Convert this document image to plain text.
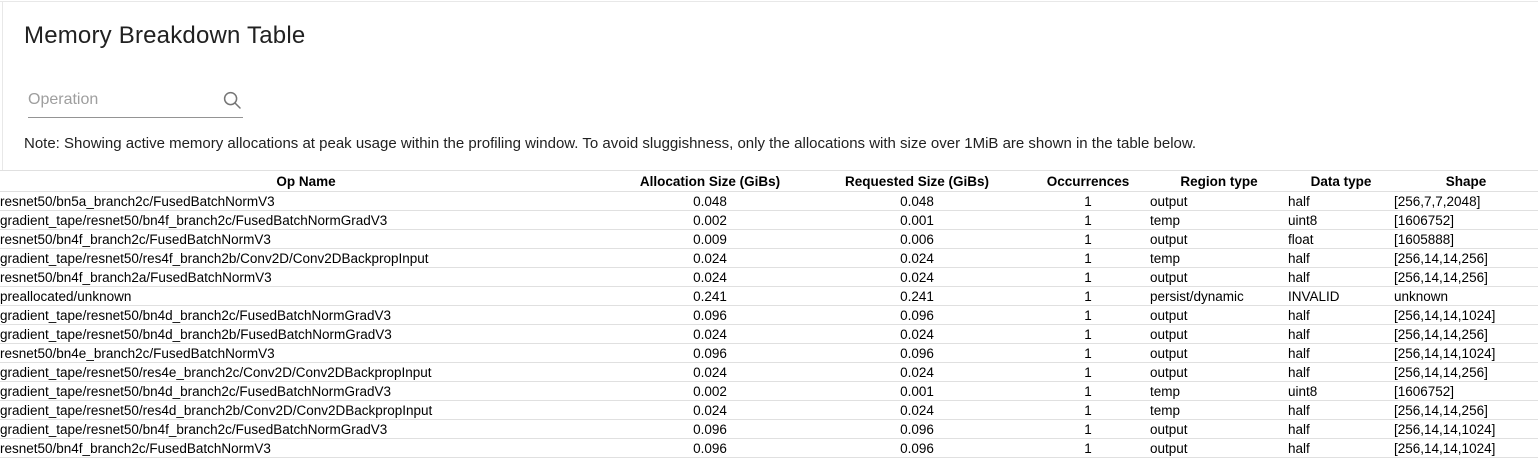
Memory Breakdown Table
Operation

Note: Showing active memory allocations at peak usage within the profiling window. To avoid sluggishness, only the allocations with size over 1MiB are shown in the table below.

Op Name	Allocation Size (GiBs)	Requested Size (GiBs)	Occurrences	Region type	Data type	Shape
resnet50/bn5a_branch2c/FusedBatchNormV3	0.048	0.048	1	output	half	[256,7,7,2048]
gradient_tape/resnet50/bn4f_branch2c/FusedBatchNormGradV3	0.002	0.001	1	temp	uint8	[1606752]
resnet50/bn4f_branch2c/FusedBatchNormV3	0.009	0.006	1	output	float	[1605888]
gradient_tape/resnet50/res4f_branch2b/Conv2D/Conv2DBackpropInput	0.024	0.024	1	temp	half	[256,14,14,256]
resnet50/bn4f_branch2a/FusedBatchNormV3	0.024	0.024	1	output	half	[256,14,14,256]
preallocated/unknown	0.241	0.241	1	persist/dynamic	INVALID	unknown
gradient_tape/resnet50/bn4d_branch2c/FusedBatchNormGradV3	0.096	0.096	1	output	half	[256,14,14,1024]
gradient_tape/resnet50/bn4d_branch2b/FusedBatchNormGradV3	0.024	0.024	1	output	half	[256,14,14,256]
resnet50/bn4e_branch2c/FusedBatchNormV3	0.096	0.096	1	output	half	[256,14,14,1024]
gradient_tape/resnet50/res4e_branch2c/Conv2D/Conv2DBackpropInput	0.024	0.024	1	output	half	[256,14,14,256]
gradient_tape/resnet50/bn4d_branch2c/FusedBatchNormGradV3	0.002	0.001	1	temp	uint8	[1606752]
gradient_tape/resnet50/res4d_branch2b/Conv2D/Conv2DBackpropInput	0.024	0.024	1	temp	half	[256,14,14,256]
gradient_tape/resnet50/bn4f_branch2c/FusedBatchNormGradV3	0.096	0.096	1	output	half	[256,14,14,1024]
resnet50/bn4f_branch2c/FusedBatchNormV3	0.096	0.096	1	output	half	[256,14,14,1024]
